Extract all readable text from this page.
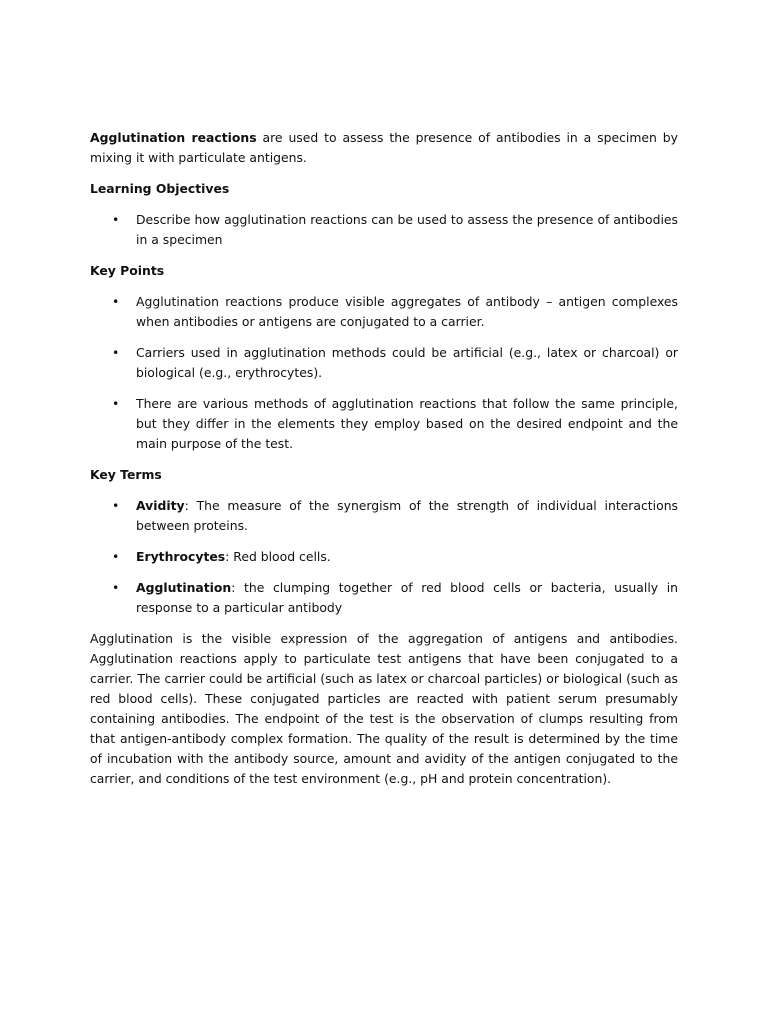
Agglutination reactions are used to assess the presence of antibodies in a specimen by mixing it with particulate antigens.

Learning Objectives

• Describe how agglutination reactions can be used to assess the presence of antibodies in a specimen

Key Points

• Agglutination reactions produce visible aggregates of antibody – antigen complexes when antibodies or antigens are conjugated to a carrier.
• Carriers used in agglutination methods could be artificial (e.g., latex or charcoal) or biological (e.g., erythrocytes).
• There are various methods of agglutination reactions that follow the same principle, but they differ in the elements they employ based on the desired endpoint and the main purpose of the test.

Key Terms

• Avidity: The measure of the synergism of the strength of individual interactions between proteins.
• Erythrocytes: Red blood cells.
• Agglutination: the clumping together of red blood cells or bacteria, usually in response to a particular antibody

Agglutination is the visible expression of the aggregation of antigens and antibodies. Agglutination reactions apply to particulate test antigens that have been conjugated to a carrier. The carrier could be artificial (such as latex or charcoal particles) or biological (such as red blood cells). These conjugated particles are reacted with patient serum presumably containing antibodies. The endpoint of the test is the observation of clumps resulting from that antigen-antibody complex formation. The quality of the result is determined by the time of incubation with the antibody source, amount and avidity of the antigen conjugated to the carrier, and conditions of the test environment (e.g., pH and protein concentration).
